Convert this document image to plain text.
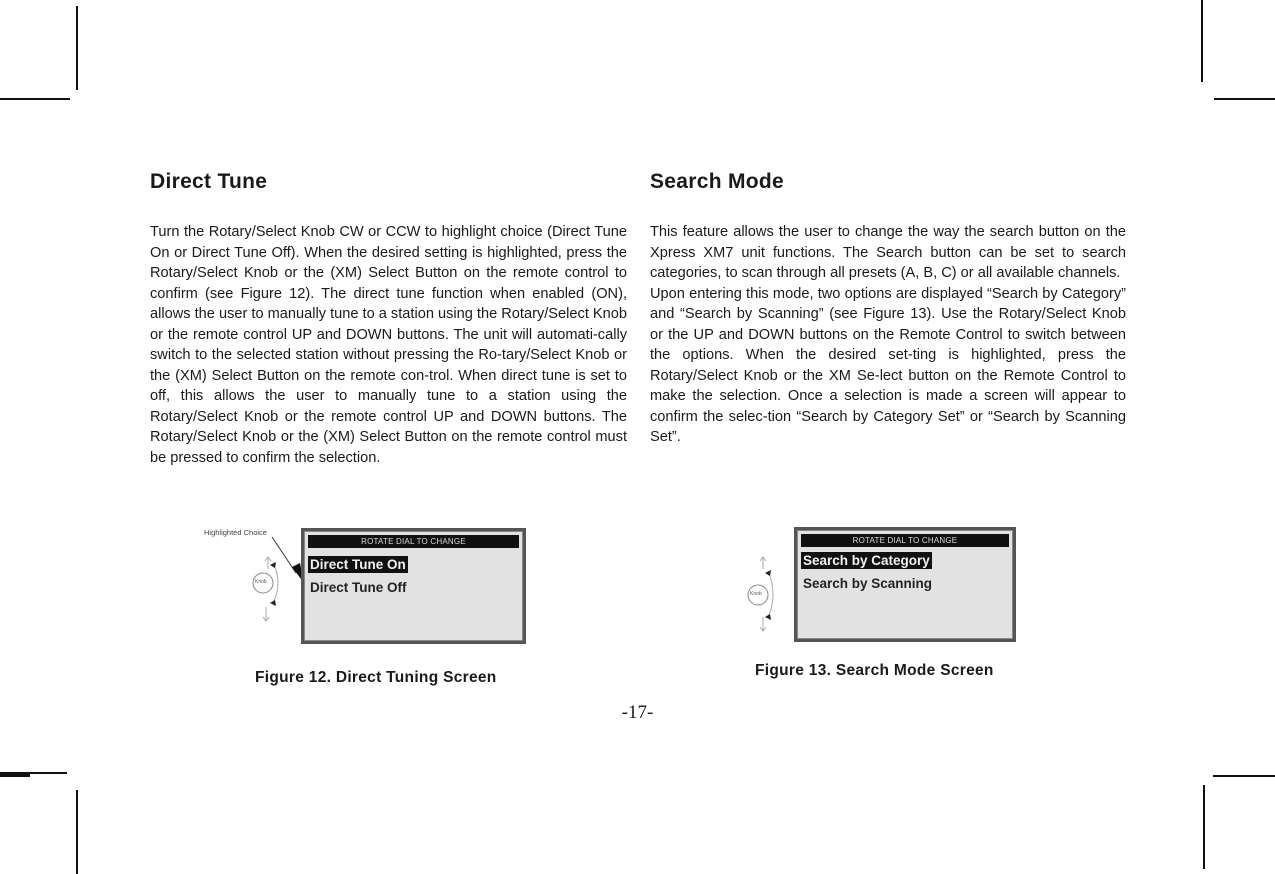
Direct Tune

Turn the Rotary/Select Knob CW or CCW to highlight choice (Direct Tune On or Direct Tune Off). When the desired setting is highlighted, press the Rotary/Select Knob or the (XM) Select Button on the remote control to confirm (see Figure 12). The direct tune function when enabled (ON), allows the user to manually tune to a station using the Rotary/Select Knob or the remote control UP and DOWN buttons. The unit will automati-cally switch to the selected station without pressing the Ro-tary/Select Knob or the (XM) Select Button on the remote con-trol. When direct tune is set to off, this allows the user to manually tune to a station using the Rotary/Select Knob or the remote control UP and DOWN buttons. The Rotary/Select Knob or the (XM) Select Button on the remote control must be pressed to confirm the selection.

Search Mode

This feature allows the user to change the way the search button on the Xpress XM7 unit functions. The Search button can be set to search categories, to scan through all presets (A, B, C) or all available channels.

Upon entering this mode, two options are displayed “Search by Category” and “Search by Scanning” (see Figure 13). Use the Rotary/Select Knob or the UP and DOWN buttons on the Remote Control to switch between the options. When the desired set-ting is highlighted, press the Rotary/Select Knob or the XM Se-lect button on the Remote Control to make the selection. Once a selection is made a screen will appear to confirm the selec-tion “Search by Category Set” or “Search by Scanning Set”.

Highlighted Choice
Knob
ROTATE DIAL TO CHANGE
Direct Tune On
Direct Tune Off
Figure 12. Direct Tuning Screen
Knob
ROTATE DIAL TO CHANGE
Search by Category
Search by Scanning
Figure 13. Search Mode Screen
-17-
